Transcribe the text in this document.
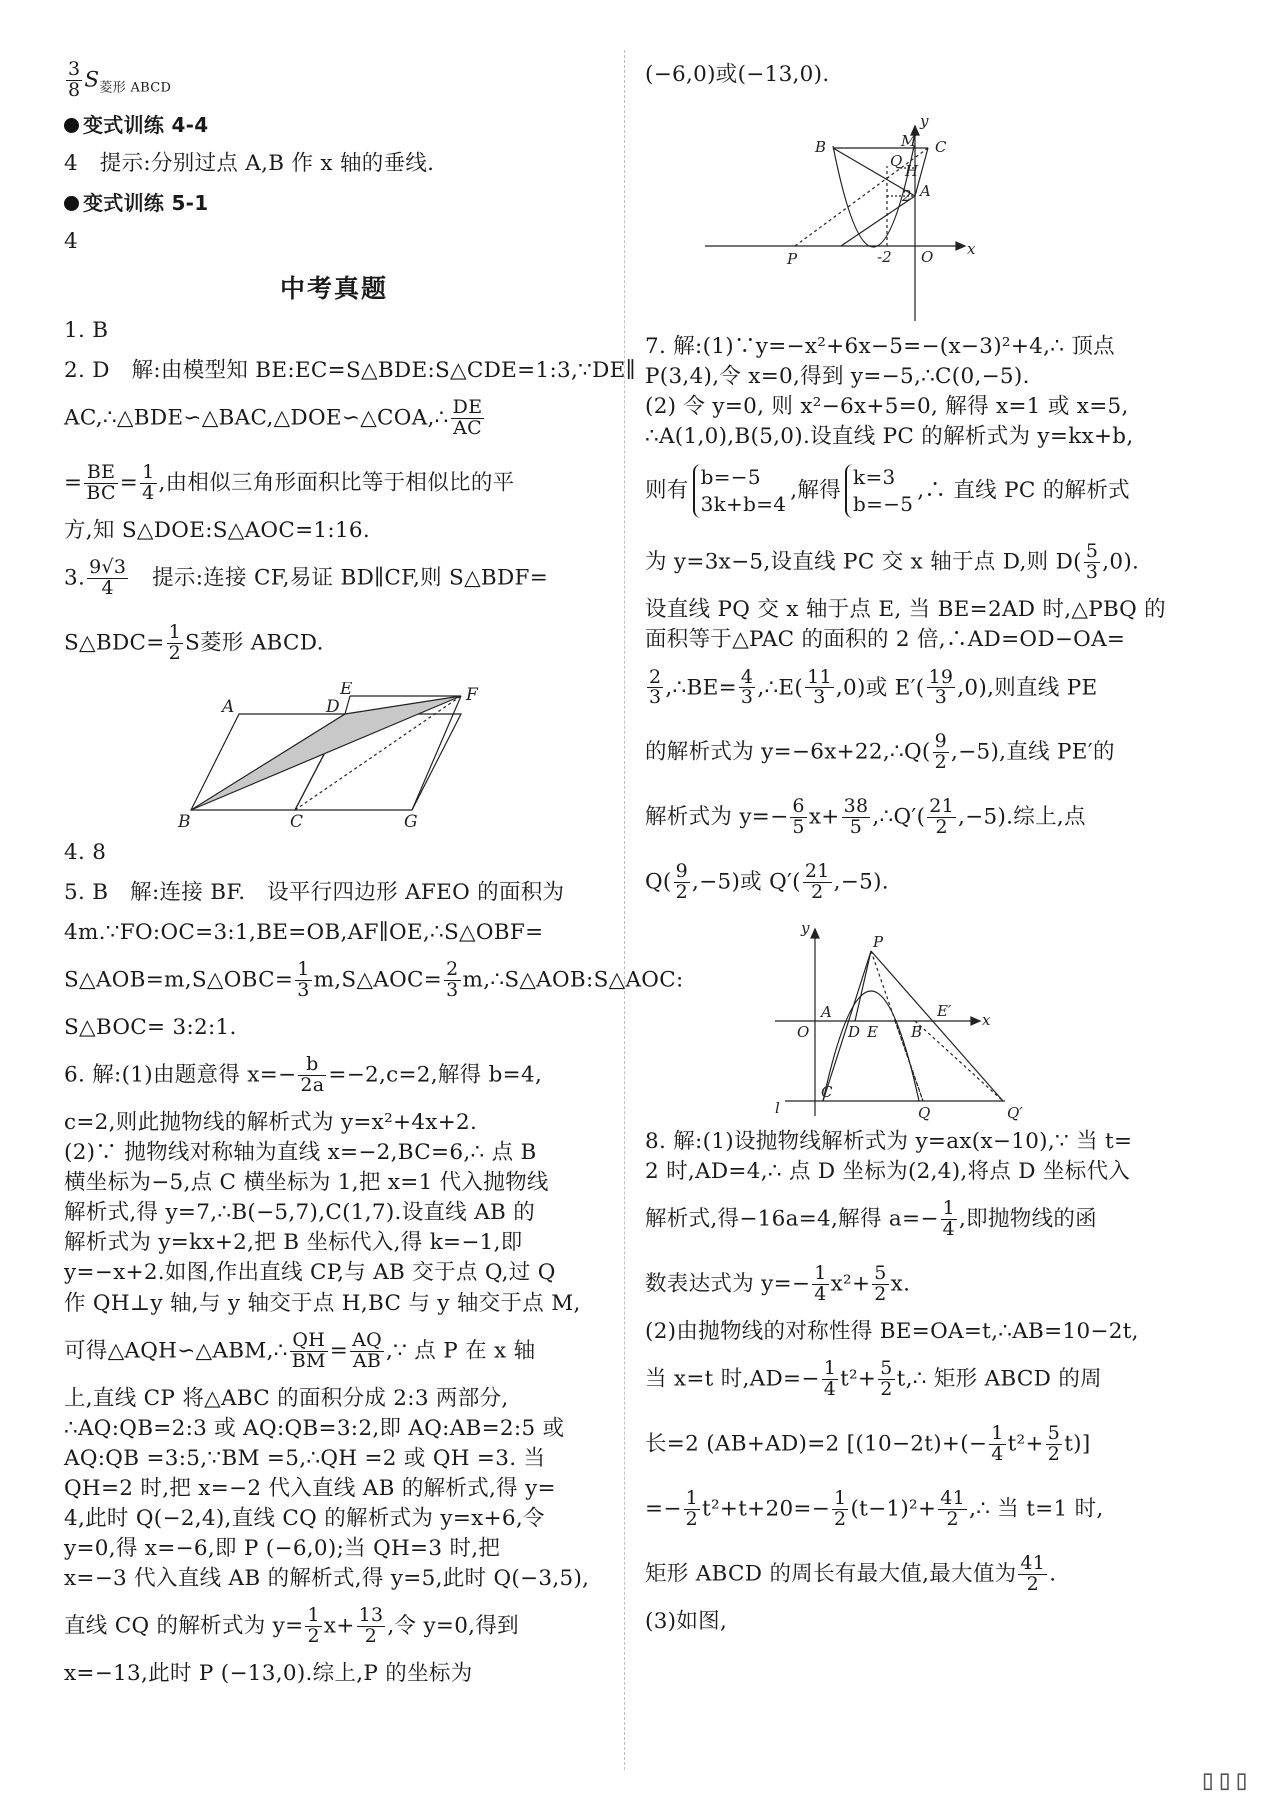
$\frac{3}{8} S_{菱形 ABCD}$

变式训练 4-4

4　 提示:分别过点 A,B 作 x 轴的垂线.

变式训练 5-1

4

中考真题

1. B

2. D　解:由模型知 BE:EC=S△BDE:S△CDE=1:3,∵DE∥

AC,∴△BDE∽△BAC,△DOE∽△COA,∴ $\frac{DE}{AC}$

= $\frac{BE}{BC} = \frac{1}{4}$ ,由相似三角形面积比等于相似比的平

方,知 S△DOE:S△AOC=1:16.

3. $\frac{9√3}{4}$ 　提示:连接 CF,易证 BD∥CF,则 S△BDF=

S△BDC= $\frac{1}{2}$ S菱形 ABCD.

A
B	C
D
E	F
G

4. 8

5. B　解:连接 BF.　设平行四边形 AFEO 的面积为

4m.∵FO:OC=3:1,BE=OB,AF∥OE,∴S△OBF=

S△AOB=m,S△OBC= $\frac{1}{3}$ m,S△AOC= $\frac{2}{3}$ m,∴S△AOB:S△AOC:

S△BOC= 3:2:1.

6. 解:(1)由题意得 $x=- \frac{b}{2a} =-2,c=2$,解得 b=4,

c=2,则此抛物线的解析式为 y=x²+4x+2.

(2)∵ 抛物线对称轴为直线 x=−2,BC=6,∴ 点 B

横坐标为−5,点 C 横坐标为 1,把 x=1 代入抛物线

解析式,得 y=7,∴B(−5,7),C(1,7).设直线 AB 的

解析式为 y=kx+2,把 B 坐标代入,得 k=−1,即

y=−x+2.如图,作出直线 CP,与 AB 交于点 Q,过 Q

作 QH⊥y 轴,与 y 轴交于点 H,BC 与 y 轴交于点 M,

可得△AQH∽△ABM,∴ $\frac{QH}{BM} = \frac{AQ}{AB}$ ,∵ 点 P 在 x 轴

上,直线 CP 将△ABC 的面积分成 2:3 两部分,

∴AQ:QB=2:3 或 AQ:QB=3:2,即 AQ:AB=2:5 或

AQ:QB =3:5,∵BM =5,∴QH =2 或 QH =3. 当

QH=2 时,把 x=−2 代入直线 AB 的解析式,得 y=

4,此时 Q(−2,4),直线 CQ 的解析式为 y=x+6,令

y=0,得 x=−6,即 P (−6,0);当 QH=3 时,把

x=−3 代入直线 AB 的解析式,得 y=5,此时 Q(−3,5),

直线 CQ 的解析式为 $y= \frac{1}{2} x+ \frac{13}{2}$ ,令 y=0,得到

x=−13,此时 P (−13,0).综上,P 的坐标为

(−6,0)或(−13,0).

y
B	M C
Q
H
2 A
P	-2 O x

7. 解:(1)∵y=−x²+6x−5=−(x−3)²+4,∴ 顶点

P(3,4),令 x=0,得到 y=−5,∴C(0,−5).

(2) 令 y=0, 则 x²−6x+5=0, 解得 x=1 或 x=5,

∴A(1,0),B(5,0).设直线 PC 的解析式为 y=kx+b,

则有b=−5
3k+b=4,解得k=3
b=−5,∴ 直线 PC 的解析式

为 y=3x−5,设直线 PC 交 x 轴于点 D,则 $D( \frac{5}{3} ,0)$.

设直线 PQ 交 x 轴于点 E, 当 BE=2AD 时,△PBQ 的

面积等于△PAC 的面积的 2 倍,∴AD=OD−OA=

$\frac{2}{3}$ ,∴BE= $\frac{4}{3}$ ,∴E( $\frac{11}{3} ,0$)或 $E'( \frac{19}{3} ,0)$,则直线 PE

的解析式为 y=−6x+22,∴Q( $\frac{9}{2} ,-5$),直线 PE′的

解析式为 $y=- \frac{6}{5} x+ \frac{38}{5}$ ,∴Q′( $\frac{21}{2} ,-5$).综上,点

$Q( \frac{9}{2} ,-5)$或 $Q'( \frac{21}{2} ,-5)$.

y
P
E′
A
O	D E B
x
l
C
Q	Q′

8. 解:(1)设抛物线解析式为 y=ax(x−10),∵ 当 t=

2 时,AD=4,∴ 点 D 坐标为(2,4),将点 D 坐标代入

解析式,得−16a=4,解得 $a=- \frac{1}{4}$ ,即抛物线的函

数表达式为 $y=- \frac{1}{4} x^2+ \frac{5}{2} x$.

(2)由抛物线的对称性得 BE=OA=t,∴AB=10−2t,

当 x=t 时$,AD=- \frac{1}{4} t^2+ \frac{5}{2}$ t,∴ 矩形 ABCD 的周

长=2 (AB+AD)=2 $[(10-2t)+(- \frac{1}{4} t^2+ \frac{5}{2} t)]$

=− $\frac{1}{2} t^2+t+20=- \frac{1}{2} (t-1)^2+ \frac{41}{2}$ ,∴ 当 t=1 时,

矩形 ABCD 的周长有最大值,最大值为 $\frac{41}{2}$ .

(3)如图,

▯▯▯
